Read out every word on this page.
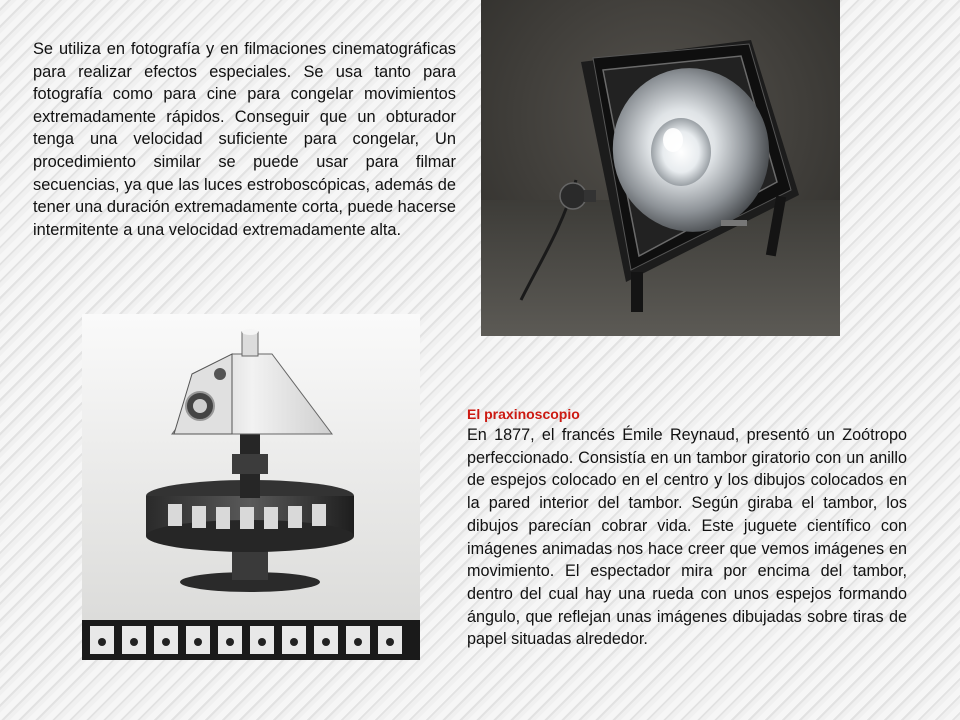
Se utiliza en fotografía y en filmaciones cinematográficas para realizar efectos especiales. Se usa tanto para fotografía como para cine para congelar movimientos extremadamente rápidos. Conseguir que un obturador tenga una velocidad suficiente para congelar, Un procedimiento similar se puede usar para filmar secuencias, ya que las luces estroboscópicas, además de tener una duración extremadamente corta, puede hacerse intermitente a una velocidad extremadamente alta.

El praxinoscopio

En 1877, el francés Émile Reynaud, presentó un Zoótropo perfeccionado. Consistía en un tambor giratorio con un anillo de espejos colocado en el centro y los dibujos colocados en la pared interior del tambor. Según giraba el tambor, los dibujos parecían cobrar vida. Este juguete científico con imágenes animadas nos hace creer que vemos imágenes en movimiento. El espectador mira por encima del tambor, dentro del cual hay una rueda con unos espejos formando ángulo, que reflejan unas imágenes dibujadas sobre tiras de papel situadas alrededor.
